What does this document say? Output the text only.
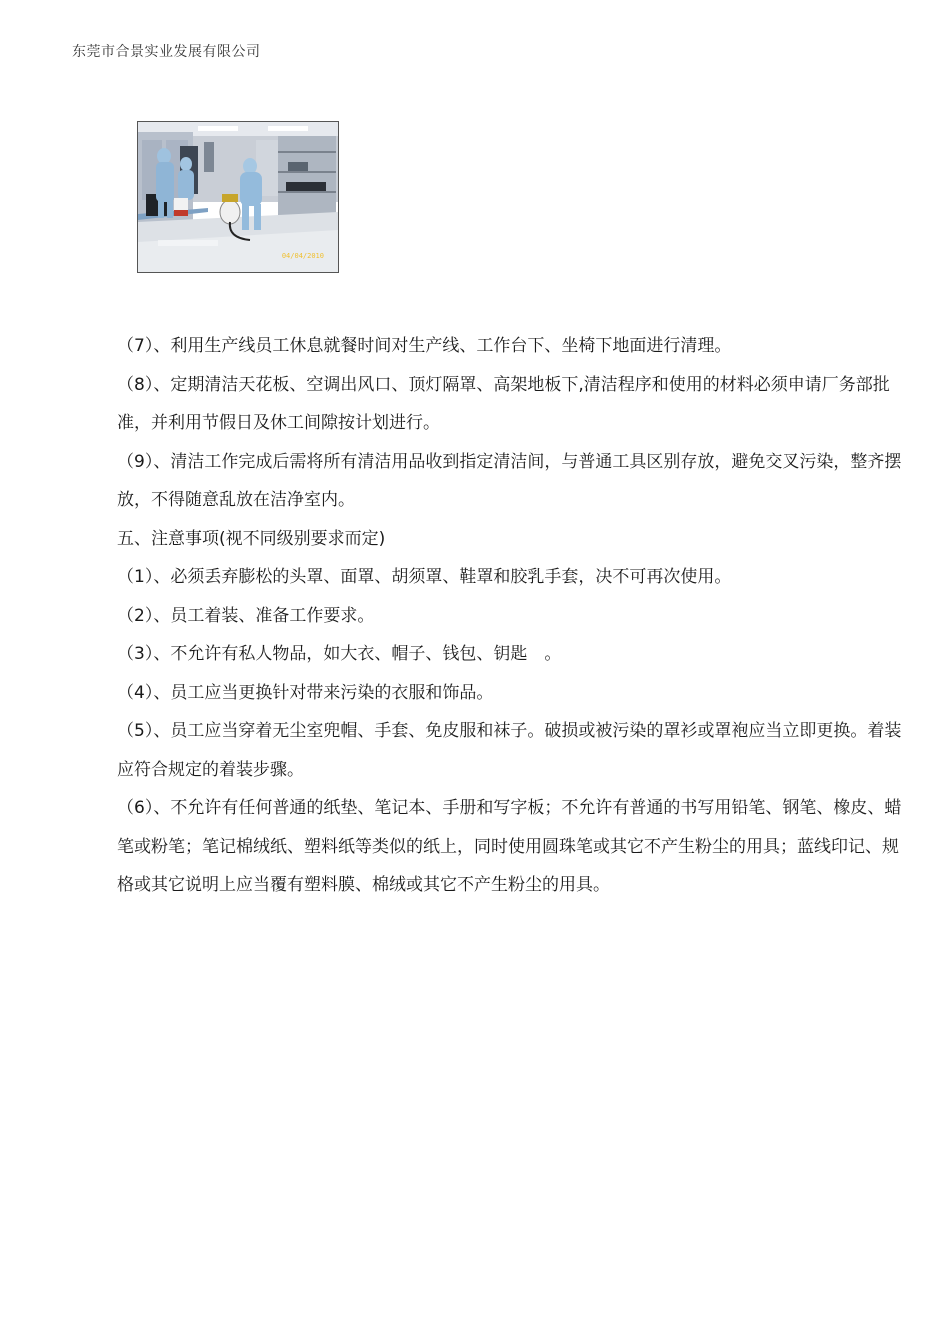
东莞市合景实业发展有限公司
04/04/2010

（7）、利用生产线员工休息就餐时间对生产线、工作台下、坐椅下地面进行清理。

（8）、定期清洁天花板、空调出风口、顶灯隔罩、高架地板下,清洁程序和使用的材料必须申请厂务部批准，并利用节假日及休工间隙按计划进行。

（9）、清洁工作完成后需将所有清洁用品收到指定清洁间，与普通工具区别存放，避免交叉污染，整齐摆放，不得随意乱放在洁净室内。

五、注意事项(视不同级别要求而定)

（1）、必须丢弃膨松的头罩、面罩、胡须罩、鞋罩和胶乳手套，决不可再次使用。

（2）、员工着装、准备工作要求。

（3）、不允许有私人物品，如大衣、帽子、钱包、钥匙　。

（4）、员工应当更换针对带来污染的衣服和饰品。

（5）、员工应当穿着无尘室兜帽、手套、免皮服和袜子。破损或被污染的罩衫或罩袍应当立即更换。着装应符合规定的着装步骤。

（6）、不允许有任何普通的纸垫、笔记本、手册和写字板；不允许有普通的书写用铅笔、钢笔、橡皮、蜡笔或粉笔；笔记棉绒纸、塑料纸等类似的纸上，同时使用圆珠笔或其它不产生粉尘的用具；蓝线印记、规格或其它说明上应当覆有塑料膜、棉绒或其它不产生粉尘的用具。
